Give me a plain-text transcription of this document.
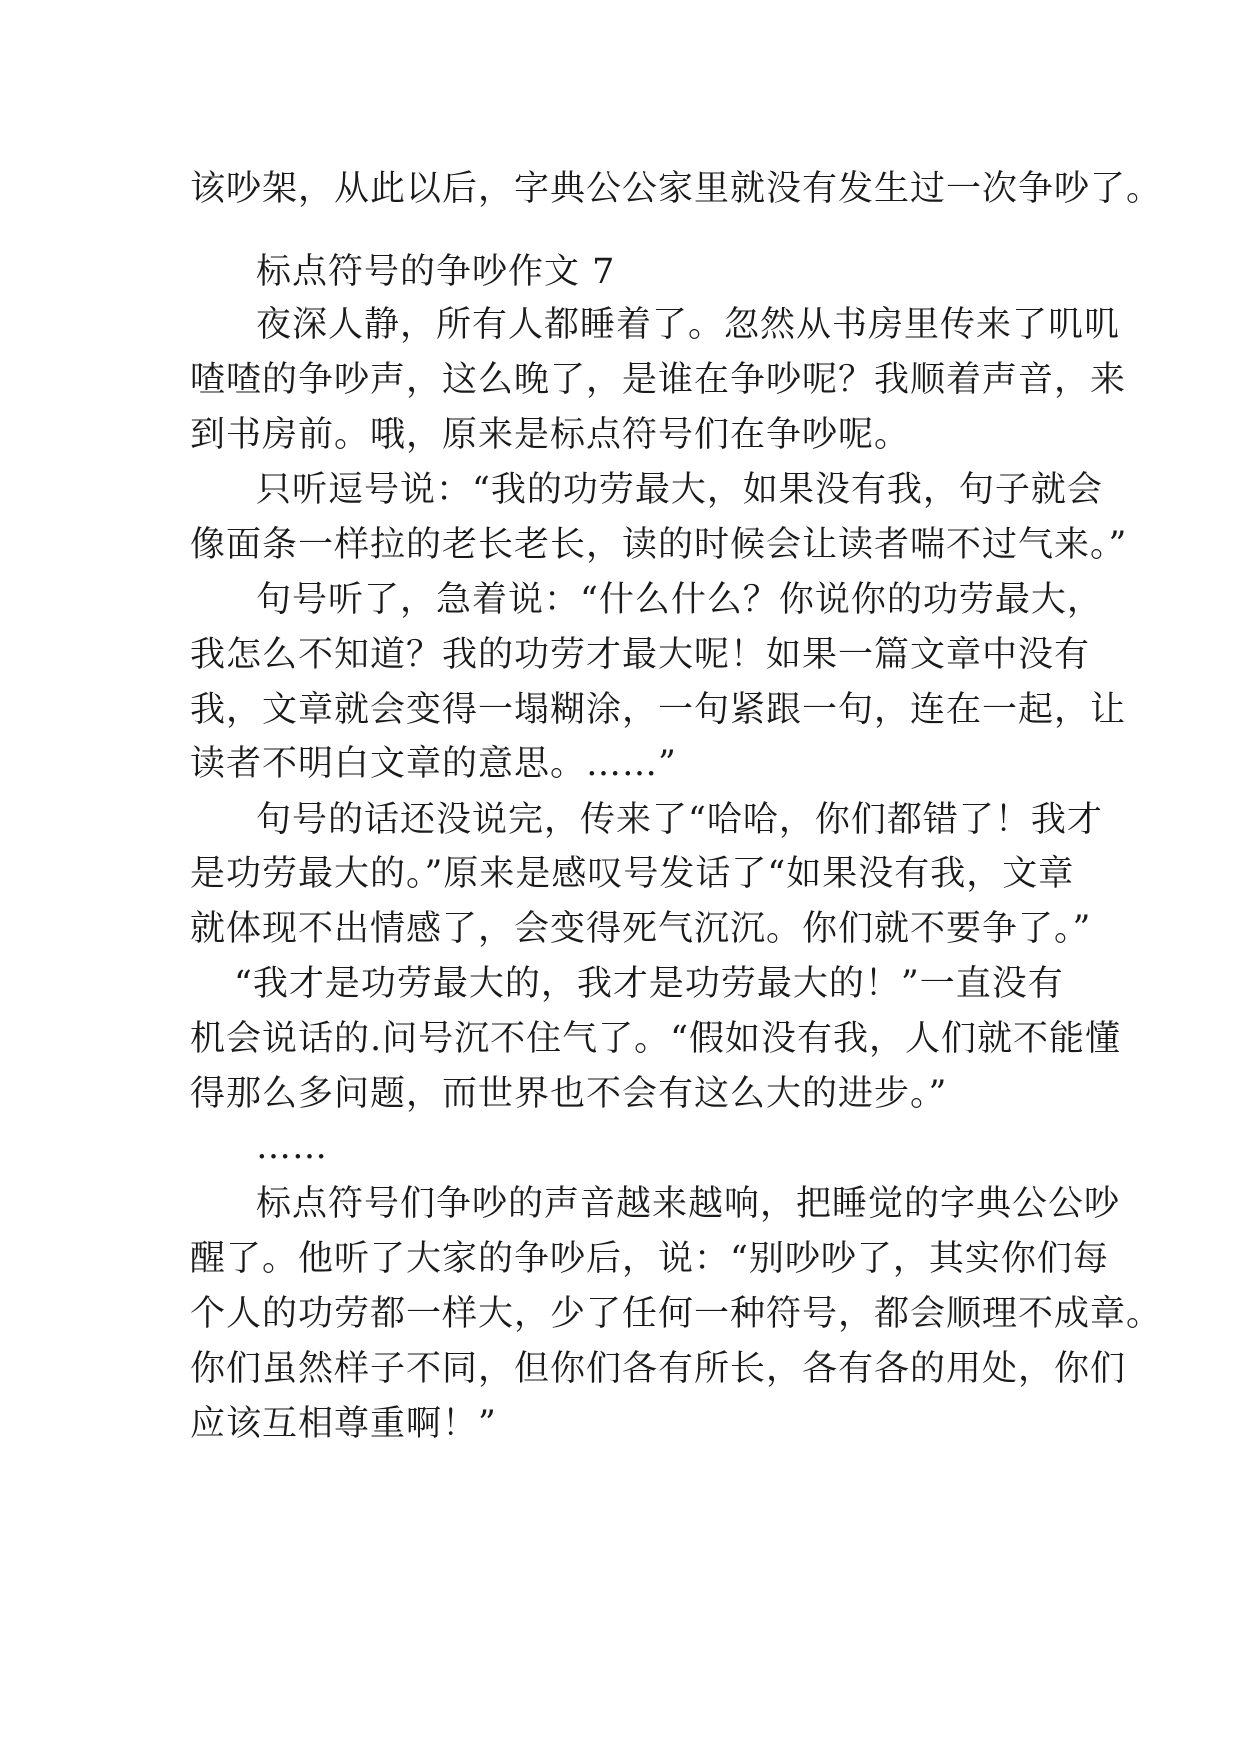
该吵架，从此以后，字典公公家里就没有发生过一次争吵了。
标点符号的争吵作文 7
夜深人静，所有人都睡着了。忽然从书房里传来了叽叽
喳喳的争吵声，这么晚了，是谁在争吵呢？我顺着声音，来
到书房前。哦，原来是标点符号们在争吵呢。
只听逗号说：“我的功劳最大，如果没有我，句子就会
像面条一样拉的老长老长，读的时候会让读者喘不过气来。”
句号听了，急着说：“什么什么？你说你的功劳最大，
我怎么不知道？我的功劳才最大呢！如果一篇文章中没有
我，文章就会变得一塌糊涂，一句紧跟一句，连在一起，让
读者不明白文章的意思。……”
句号的话还没说完，传来了“哈哈，你们都错了！我才
是功劳最大的。”原来是感叹号发话了“如果没有我，文章
就体现不出情感了，会变得死气沉沉。你们就不要争了。”
“我才是功劳最大的，我才是功劳最大的！”一直没有
机会说话的.问号沉不住气了。“假如没有我，人们就不能懂
得那么多问题，而世界也不会有这么大的进步。”
……
标点符号们争吵的声音越来越响，把睡觉的字典公公吵
醒了。他听了大家的争吵后，说：“别吵吵了，其实你们每
个人的功劳都一样大，少了任何一种符号，都会顺理不成章。
你们虽然样子不同，但你们各有所长，各有各的用处，你们
应该互相尊重啊！”
